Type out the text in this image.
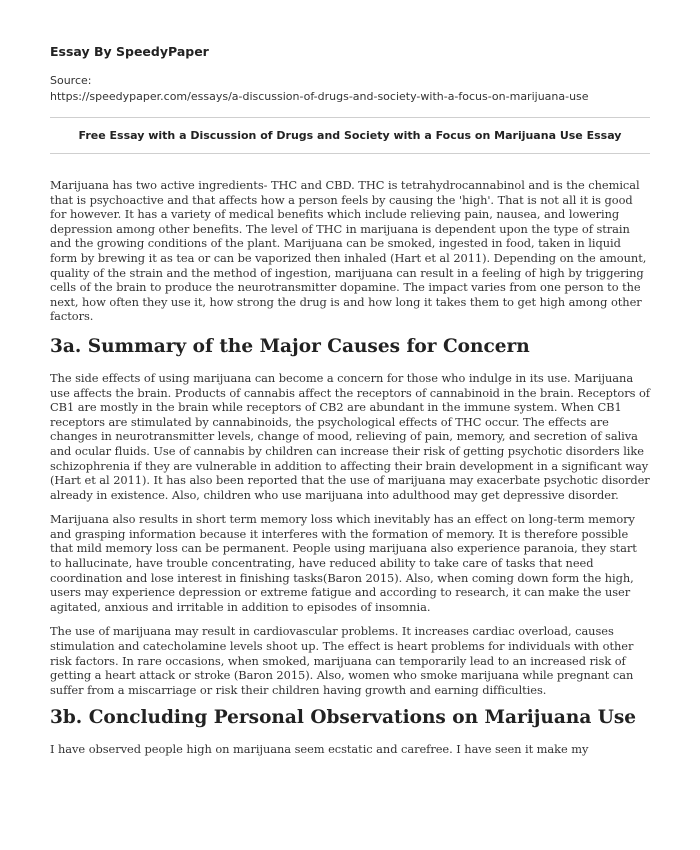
Essay By SpeedyPaper
Source:
https://speedypaper.com/essays/a-discussion-of-drugs-and-society-with-a-focus-on-marijuana-use
Free Essay with a Discussion of Drugs and Society with a Focus on Marijuana Use Essay

Marijuana has two active ingredients- THC and CBD. THC is tetrahydrocannabinol and is the chemical that is psychoactive and that affects how a person feels by causing the 'high'. That is not all it is good for however. It has a variety of medical benefits which include relieving pain, nausea, and lowering depression among other benefits. The level of THC in marijuana is dependent upon the type of strain and the growing conditions of the plant. Marijuana can be smoked, ingested in food, taken in liquid form by brewing it as tea or can be vaporized then inhaled (Hart et al 2011). Depending on the amount, quality of the strain and the method of ingestion, marijuana can result in a feeling of high by triggering cells of the brain to produce the neurotransmitter dopamine. The impact varies from one person to the next, how often they use it, how strong the drug is and how long it takes them to get high among other factors.

3a. Summary of the Major Causes for Concern

The side effects of using marijuana can become a concern for those who indulge in its use. Marijuana use affects the brain. Products of cannabis affect the receptors of cannabinoid in the brain. Receptors of CB1 are mostly in the brain while receptors of CB2 are abundant in the immune system. When CB1 receptors are stimulated by cannabinoids, the psychological effects of THC occur. The effects are changes in neurotransmitter levels, change of mood, relieving of pain, memory, and secretion of saliva and ocular fluids. Use of cannabis by children can increase their risk of getting psychotic disorders like schizophrenia if they are vulnerable in addition to affecting their brain development in a significant way (Hart et al 2011). It has also been reported that the use of marijuana may exacerbate psychotic disorder already in existence. Also, children who use marijuana into adulthood may get depressive disorder.

Marijuana also results in short term memory loss which inevitably has an effect on long-term memory and grasping information because it interferes with the formation of memory. It is therefore possible that mild memory loss can be permanent. People using marijuana also experience paranoia, they start to hallucinate, have trouble concentrating, have reduced ability to take care of tasks that need coordination and lose interest in finishing tasks(Baron 2015). Also, when coming down form the high, users may experience depression or extreme fatigue and according to research, it can make the user agitated, anxious and irritable in addition to episodes of insomnia.

The use of marijuana may result in cardiovascular problems. It increases cardiac overload, causes stimulation and catecholamine levels shoot up. The effect is heart problems for individuals with other risk factors. In rare occasions, when smoked, marijuana can temporarily lead to an increased risk of getting a heart attack or stroke (Baron 2015). Also, women who smoke marijuana while pregnant can suffer from a miscarriage or risk their children having growth and earning difficulties.

3b. Concluding Personal Observations on Marijuana Use

I have observed people high on marijuana seem ecstatic and carefree. I have seen it make my
